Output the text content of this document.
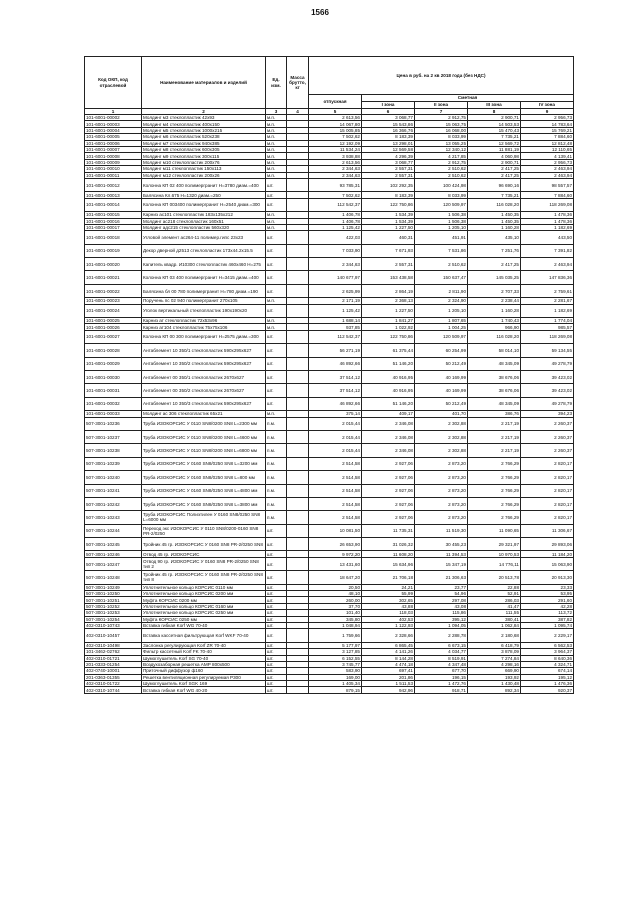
1566
Код ОКП, код отраслевой	Наименование материалов и изделий	Ед. изм.	Масса брутто, кг	Цена в руб. на 2 кв 2018 года (без НДС)				
				отпускная	Сметная			
					I зона	II зона	III зона	IV зона
1	2	3	4	5	6	7	8	9
101-6001-00002	Молдинг м3 стеклопластик 42х93	м.п.		2 613,56	3 068,77	2 912,75	2 900,71	2 956,73
101-6001-00003	Молдинг м4 стеклопластик 400х150	м.п.		14 067,80	15 543,86	15 063,75	14 503,53	14 783,64
101-6001-00004	Молдинг м5 стеклопластик 1000х215	м.п.		15 005,85	16 366,76	16 068,00	15 470,43	15 769,21
101-6001-00005	Молдинг м6 стеклопластик 520х238	м.п.		7 502,62	8 183,39	8 033,99	7 735,21	7 884,60
101-6001-00006	Молдинг м7 стеклопластик 940х385	м.п.		12 192,09	13 298,01	13 055,25	12 569,72	12 812,48
101-6001-00007	Молдинг м8 стеклопластик 600х305	м.п.		11 534,24	12 569,58	12 340,12	11 881,19	12 110,65
101-6001-00008	Молдинг м9 стеклопластик 300х115	м.п.		3 938,88	4 296,39	4 217,85	4 060,98	4 139,41
101-6001-00009	Молдинг м10 стеклопластик 200х76	м.п.		2 613,56	3 068,77	2 912,75	2 900,71	2 956,73
101-6001-00010	Молдинг м11 стеклопластик 150х113	м.п.		2 344,63	2 557,31	2 510,62	2 417,25	2 463,94
101-6001-00011	Молдинг м12 стеклопластик 200х26	м.п.		2 344,63	2 557,31	2 510,62	2 417,25	2 463,94
101-6001-00012	Колонна КП 02 400 полимергранит Н=3780 диам.=400	шт.		93 785,31	102 292,35	100 424,98	96 690,16	98 557,57
101-6001-00013	Балясина Кл.675 Н=1320 диам.=250	шт.		7 502,62	8 183,39	8 033,99	7 735,21	7 884,60
101-6001-00014	Колонна КП 003400 полимергранит Н=2540 диам.=300	шт.		112 542,37	122 750,86	120 509,97	116 028,20	118 269,08
101-6001-00015	Карниз ас101 стеклопластик 183х135х212	м.п.		1 406,78	1 534,39	1 506,38	1 450,35	1 478,36
101-6001-00016	Молдинг ас218 стеклопластик 160х51	м.п.		1 406,78	1 534,39	1 506,38	1 450,35	1 478,36
101-6001-00017	Молдинг адс215 стеклопластик 560х320	м.п.		1 125,42	1 227,50	1 205,10	1 160,28	1 182,69
101-6001-00018	Угловой элемент ас264-11 полимер.гипс 23х23	шт.		422,03	460,31	451,91	435,10	443,50
101-6001-00019	Декор дверной д2513 стеклопластик 173х44.2х15.5	шт.		7 033,90	7 671,93	7 531,86	7 251,76	7 391,82
101-6001-00020	Капитель квадр. И10300 стеклопластик 460х460 Н=275	шт.		2 344,63	2 557,31	2 510,62	2 417,25	2 463,94
101-6001-00021	Колонна КП 03 400 полимергранит Н=3415 диам.=400	шт.		140 677,97	153 438,58	150 637,47	145 035,25	147 836,36
101-6001-00022	Балясина бл 00 780 полимергранит Н=780 диам.=190	шт.		2 625,99	2 864,19	2 811,90	2 707,33	2 759,61
101-6001-00023	Поручень пс 02 940 полимергранит 270х105	м.п.		2 171,19	2 368,13	2 324,90	2 238,44	2 281,67
101-6001-00024	Уголок вертикальный стеклопластик 190х190х20	шт.		1 125,42	1 227,50	1 205,10	1 160,28	1 182,69
101-6001-00025	Карниз ат стеклопластик 72х53х96	м.п.		1 688,14	1 841,27	1 807,65	1 740,43	1 774,04
101-6001-00026	Карниз ат104 стеклопластик 75х75х106	м.п.		937,85	1 022,92	1 004,25	966,90	985,57
101-6001-00027	Колонна КП 00 300 полимергранит Н=2575 диам.=300	шт.		112 542,37	122 750,86	120 509,97	116 028,20	118 269,08
101-6001-00028	Антаблемент 10 350/1 стеклопластик 590х295х627	шт.		56 271,19	61 375,44	60 254,99	58 014,10	59 134,55
101-6001-00029	Антаблемент 10 350/2 стеклопластик 590х295х627	шт.		46 892,66	51 146,20	50 212,49	48 345,09	49 278,79
101-6001-00030	Антаблемент 00 350/1 стеклопластик 2670х627	шт.		37 514,12	40 916,95	40 169,99	38 676,06	39 423,02
101-6001-00031	Антаблемент 00 350/2 стеклопластик 2670х627	шт.		37 514,12	40 916,95	40 169,99	38 676,06	39 423,02
101-6001-00032	Антаблемент 10 350/3 стеклопластик 590х295х627	шт.		46 892,66	51 146,20	50 212,49	48 345,09	49 278,79
101-6001-00033	Молдинг ас 306 стеклопластик 65х21	м.п.		375,14	409,17	401,70	386,76	394,23
507-3001-10236	Труба ИЗОКОРСИС У 0110 SN8/0200 SN8 L=2300 мм	п.м.		2 015,44	2 346,08	2 302,88	2 217,19	2 260,37
507-3001-10237	Труба ИЗОКОРСИС У 0110 SN8/0200 SN8 L=4600 мм	п.м.		2 015,44	2 346,08	2 302,88	2 217,19	2 260,37
507-3001-10238	Труба ИЗОКОРСИС У 0110 SN8/0200 SN8 L=6800 мм	п.м.		2 015,44	2 346,08	2 302,88	2 217,19	2 260,37
507-3001-10239	Труба ИЗОКОРСИС У 0160 SN8/0250 SN8 L=3200 мм	п.м.		2 514,58	2 927,06	2 873,20	2 766,29	2 820,17
507-3001-10240	Труба ИЗОКОРСИС У 0160 SN8/0250 SN8 L=800 мм	п.м.		2 514,58	2 927,06	2 873,20	2 766,29	2 820,17
507-3001-10241	Труба ИЗОКОРСИС У 0160 SN8/0250 SN8 L=4800 мм	п.м.		2 514,58	2 927,06	2 873,20	2 766,29	2 820,17
507-3001-10242	Труба ИЗОКОРСИС У 0160 SN8/0250 SN8 L=3800 мм	п.м.		2 514,58	2 927,06	2 873,20	2 766,29	2 820,17
507-3001-10243	Труба ИЗОКОРСИС Полиэтилен У 0160 SN8/0250 SN8 L=6000 мм	п.м.		2 514,58	2 927,06	2 873,20	2 766,29	2 820,17
507-3001-10244	Переход экс ИЗОКОРСИС У 0110 SN8/0200-0160 SN8 PR-2/0250	шт.		10 081,50	11 735,31	11 519,30	11 090,65	11 306,67
507-3001-10245	Тройник 45 гр. ИЗОКОРСИС У 0160 SN8 PR-2/0250 SN8	шт.		26 653,90	31 026,32	30 455,23	29 321,97	29 893,06
507-3001-10246	Отвод 45 гр. ИЗОКОРСИС	шт.		9 972,20	11 608,20	11 394,53	10 970,53	11 184,20
507-3001-10247	Отвод 90 гр. ИЗОКОРСИС У 0160 SN8 PR-2/0250 SN8 тип 2	шт.		13 431,60	15 634,96	15 347,19	14 776,11	15 063,90
507-3001-10248	Тройник 45 гр. ИЗОКОРСИС У 0160 SN8 PR-2/0250 SN8 тип 8	шт.		18 647,20	21 706,18	21 306,63	20 513,78	20 913,30
507-3001-10249	Уплотнительное кольцо КОРСИС 0110 мм	шт.		20,50	24,21	23,77	22,88	23,33
507-3001-10250	Уплотнительное кольцо КОРСИС 0200 мм	шт.		48,10	55,99	54,96	52,91	53,95
507-3001-10251	Муфта КОРСИС 0200 мм	шт.		260,00	302,65	297,08	286,03	291,60
507-3001-10252	Уплотнительное кольцо КОРСИС 0160 мм	шт.		37,70	43,88	43,08	41,47	42,28
507-3001-10253	Уплотнительное кольцо КОРСИС 0250 мм	шт.		101,40	118,03	115,86	111,55	113,72
507-3001-10254	Муфта КОРСИС 0250 мм	шт.		345,80	402,53	395,12	380,41	387,82
402-0310-10743	Вставка гибкая Korf WG 70-40	шт.		1 048,94	1 122,93	1 094,05	1 062,84	1 095,74
402-0310-10457	Вставка кассетная фильтрующая Korf WKF 70-40	шт.		1 759,66	2 328,66	2 288,78	2 180,68	2 229,17
402-0310-10498	Заслонка регулирующая Korf ZR 70-40	шт.		5 177,97	6 865,45	6 673,15	6 418,79	6 562,53
101-3462-02762	Фильтр кассетный Korf FK 70-40	шт.		3 127,85	4 141,26	4 034,77	3 878,09	3 964,37
402-0310-01721	Шумоглушитель Korf SG 70-40	шт.		6 152,55	8 144,28	8 519,91	7 274,84	8 640,36
201-0333-01254	Воздухозаборная решетка АМР 800х500	шт.		3 745,77	4 474,18	4 347,48	4 298,16	4 324,71
402-0740-10001	Приточный диффузор ф160	шт.		583,90	697,41	677,70	669,90	674,14
201-0363-01355	Решетка вентиляционная регулируемая Р300	шт.		169,00	201,86	196,15	193,92	195,12
402-0310-01722	Шумоглушитель Korf SGK 169	шт.		1 405,34	1 511,53	1 472,76	1 430,48	1 476,36
402-0310-10744	Вставка гибкая Korf WG 40-20	шт.		879,15	942,96	918,71	892,34	920,37
